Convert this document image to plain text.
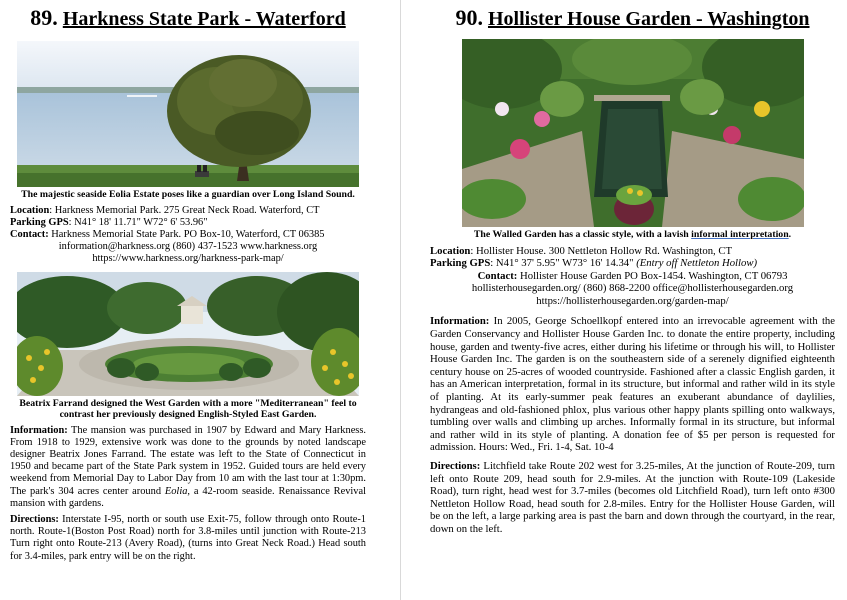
89. Harkness State Park - Waterford
The majestic seaside Eolia Estate poses like a guardian over Long Island Sound.
Location: Harkness Memorial Park. 275 Great Neck Road. Waterford, CT
Parking GPS: N41° 18' 11.71" W72° 6' 53.96"
Contact: Harkness Memorial State Park. PO Box-10, Waterford, CT 06385
information@harkness.org (860) 437-1523 www.harkness.org
https://www.harkness.org/harkness-park-map/
Beatrix Farrand designed the West Garden with a more "Mediterranean" feel to contrast her previously designed English-Styled East Garden.
Information: The mansion was purchased in 1907 by Edward and Mary Harkness. From 1918 to 1929, extensive work was done to the grounds by noted landscape designer Beatrix Jones Farrand. The estate was left to the State of Connecticut in 1950 and became part of the State Park system in 1952. Guided tours are held every weekend from Memorial Day to Labor Day from 10 am with the last tour at 1:30pm. The park's 304 acres center around Eolia, a 42-room seaside. Renaissance Revival mansion with gardens.
Directions: Interstate I-95, north or south use Exit-75, follow through onto Route-1 north. Route-1(Boston Post Road) north for 3.8-miles until junction with Route-213 Turn right onto Route-213 (Avery Road), (turns into Great Neck Road.) Head south for 3.4-miles, park entry will be on the right.
90. Hollister House Garden - Washington
The Walled Garden has a classic style, with a lavish informal interpretation.
Location: Hollister House. 300 Nettleton Hollow Rd. Washington, CT
Parking GPS: N41° 37' 5.95" W73° 16' 14.34" (Entry off Nettleton Hollow)
Contact: Hollister House Garden PO Box-1454. Washington, CT 06793
hollisterhousegarden.org/ (860) 868-2200 office@hollisterhousegarden.org
https://hollisterhousegarden.org/garden-map/
Information: In 2005, George Schoellkopf entered into an irrevocable agreement with the Garden Conservancy and Hollister House Garden Inc. to donate the entire property, including house, garden and twenty-five acres, either during his lifetime or through his will, to Hollister House Garden Inc. The garden is on the southeastern side of a serenely dignified eighteenth century house on 25-acres of wooded countryside. Fashioned after a classic English garden, it has an American interpretation, formal in its structure, but informal and rather wild in its style of planting. At its early-summer peak features an exuberant abundance of daylilies, hydrangeas and old-fashioned phlox, plus various other happy plants spilling onto walkways, tumbling over walls and climbing up arches. Informally formal in its structure, but informal and rather wild in its style of planting. A donation fee of $5 per person is requested for admission. Hours: Wed., Fri. 1-4, Sat. 10-4
Directions: Litchfield take Route 202 west for 3.25-miles, At the junction of Route-209, turn left onto Route 209, head south for 2.9-miles. At the junction with Route-109 (Lakeside Road), turn right, head west for 3.7-miles (becomes old Litchfield Road), turn left onto #300 Nettleton Hollow Road, head south for 2.8-miles. Entry for the Hollister House Garden, will be on the left, a large parking area is past the barn and down through the courtyard, in the rear, down on the left.
